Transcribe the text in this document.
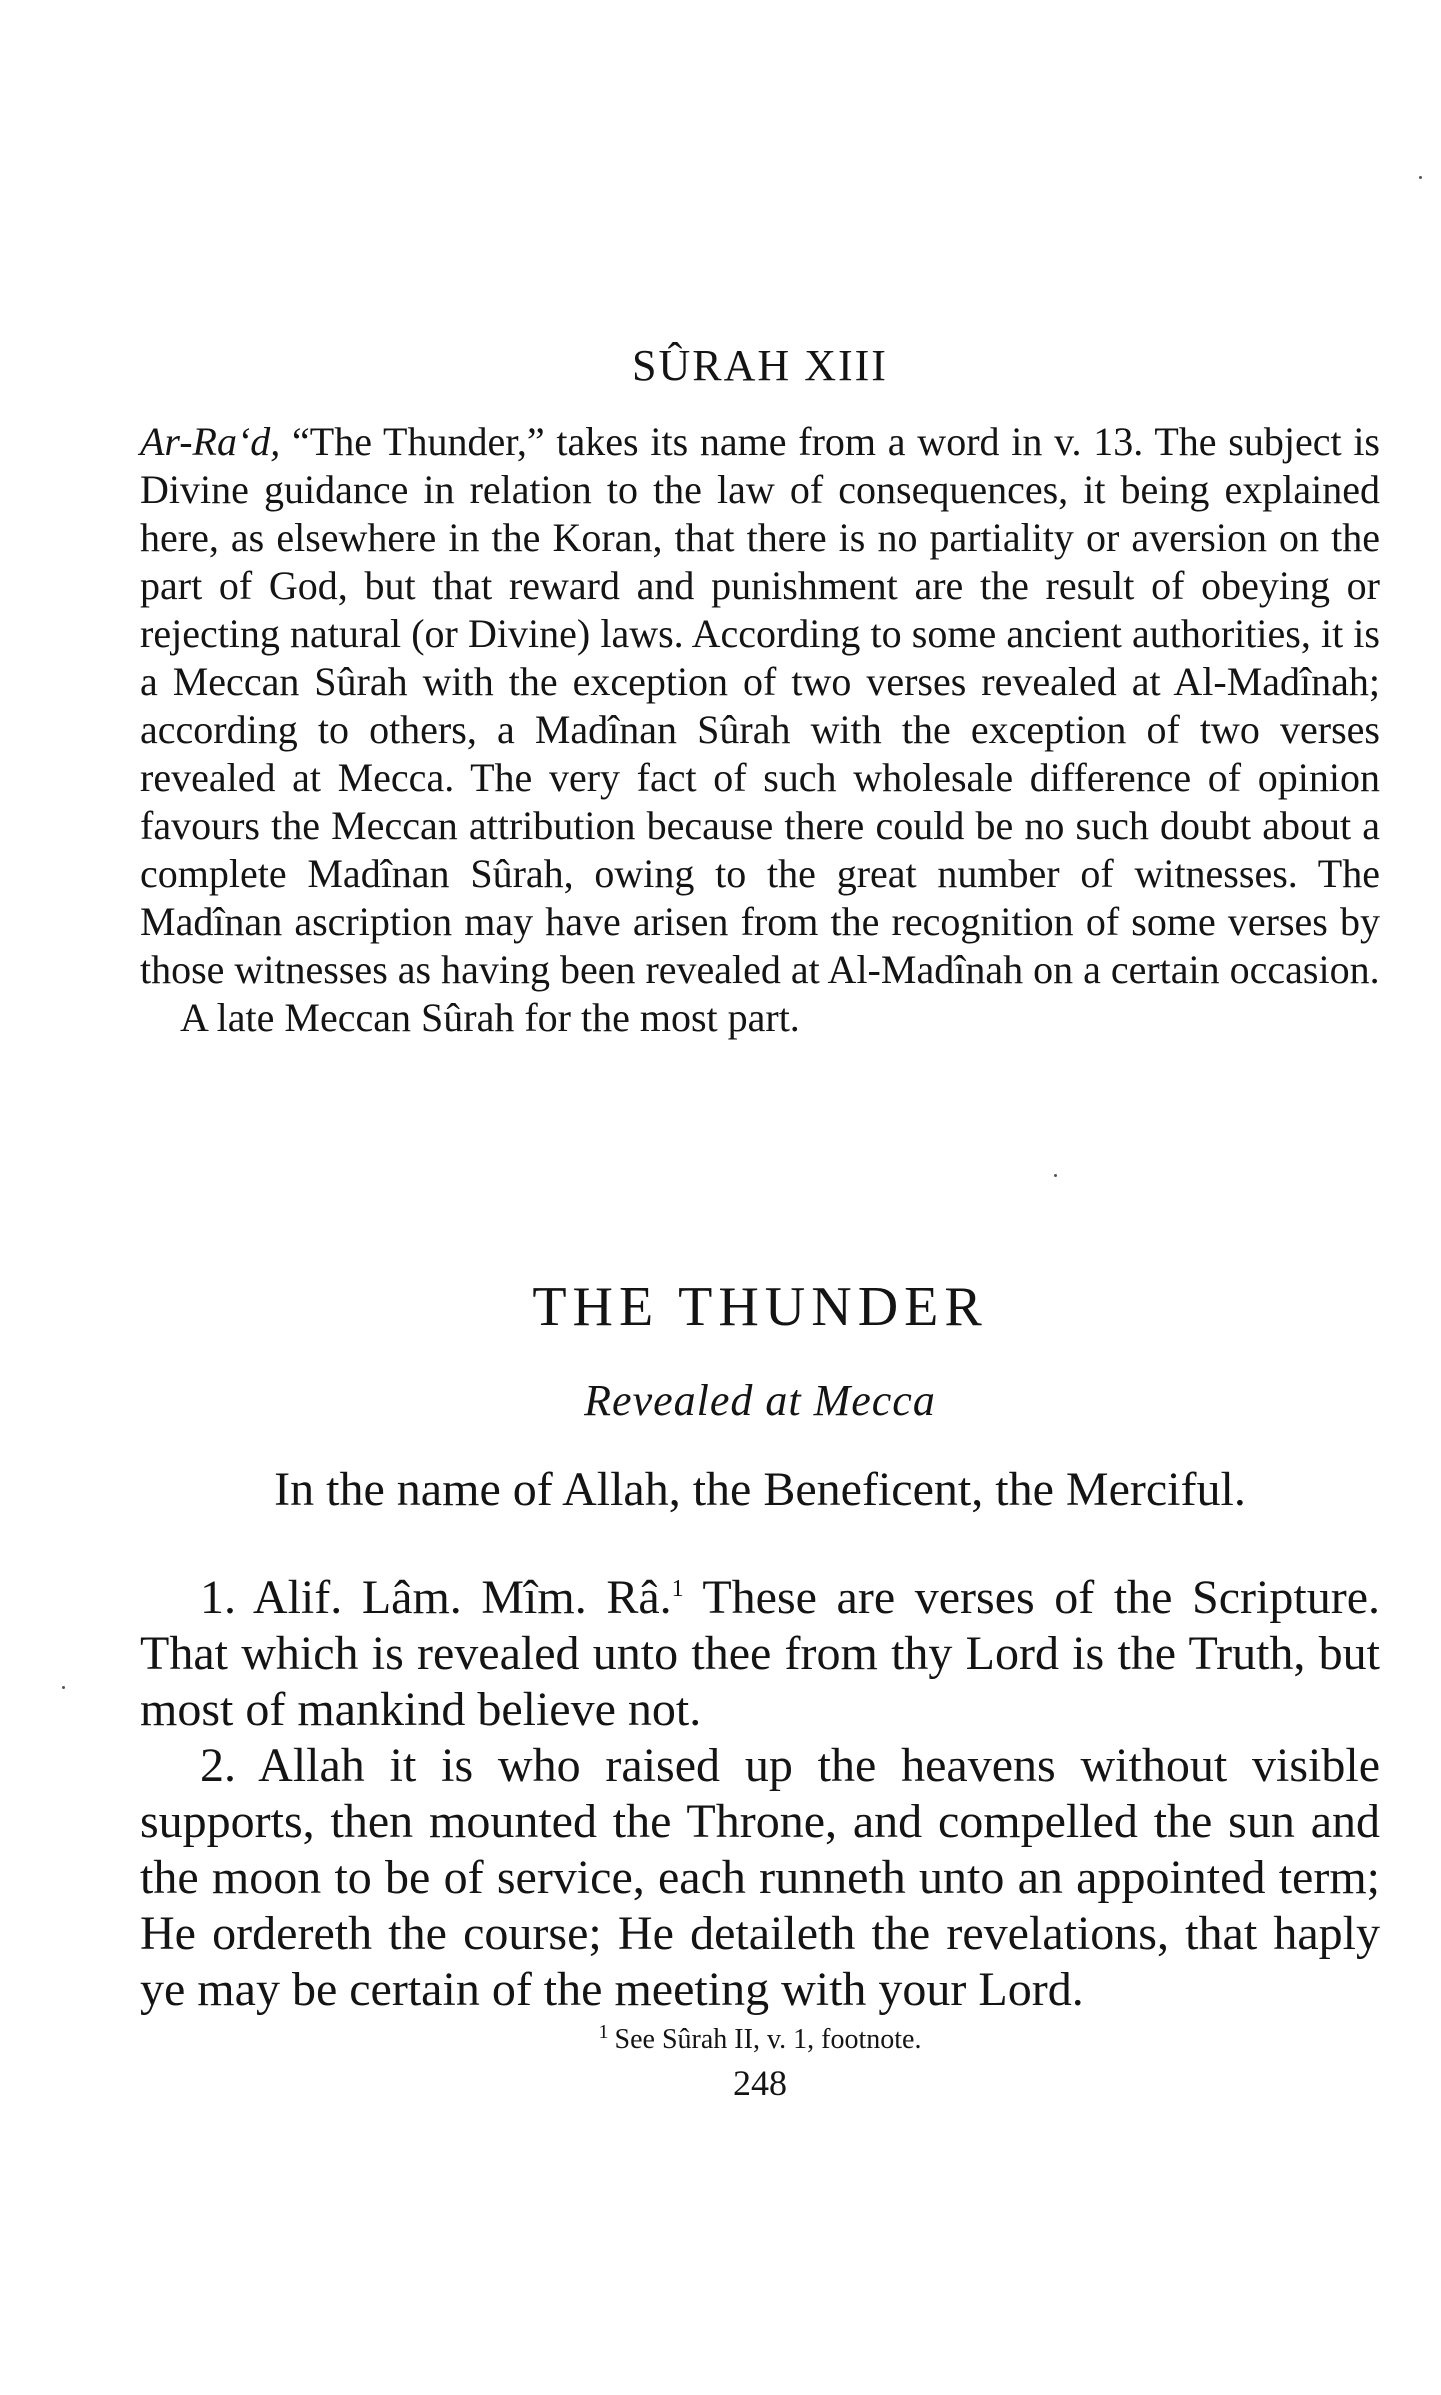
SÛRAH XIII

Ar-Ra‘d, “The Thunder,” takes its name from a word in v. 13. The subject is Divine guidance in relation to the law of consequences, it being explained here, as elsewhere in the Koran, that there is no partiality or aversion on the part of God, but that reward and punishment are the result of obeying or rejecting natural (or Divine) laws. According to some ancient authorities, it is a Meccan Sûrah with the exception of two verses revealed at Al-Madînah; according to others, a Madînan Sûrah with the exception of two verses revealed at Mecca. The very fact of such wholesale difference of opinion favours the Meccan attribution because there could be no such doubt about a complete Madînan Sûrah, owing to the great number of witnesses. The Madînan ascription may have arisen from the recognition of some verses by those witnesses as having been revealed at Al-Madînah on a certain occasion.

A late Meccan Sûrah for the most part.

THE THUNDER

Revealed at Mecca

In the name of Allah, the Beneficent, the Merciful.

1. Alif. Lâm. Mîm. Râ.$^1$ These are verses of the Scripture. That which is revealed unto thee from thy Lord is the Truth, but most of mankind believe not.

2. Allah it is who raised up the heavens without visible supports, then mounted the Throne, and compelled the sun and the moon to be of service, each runneth unto an appointed term; He ordereth the course; He detaileth the revelations, that haply ye may be certain of the meeting with your Lord.

$^1$ See Sûrah II, v. 1, footnote.

248
